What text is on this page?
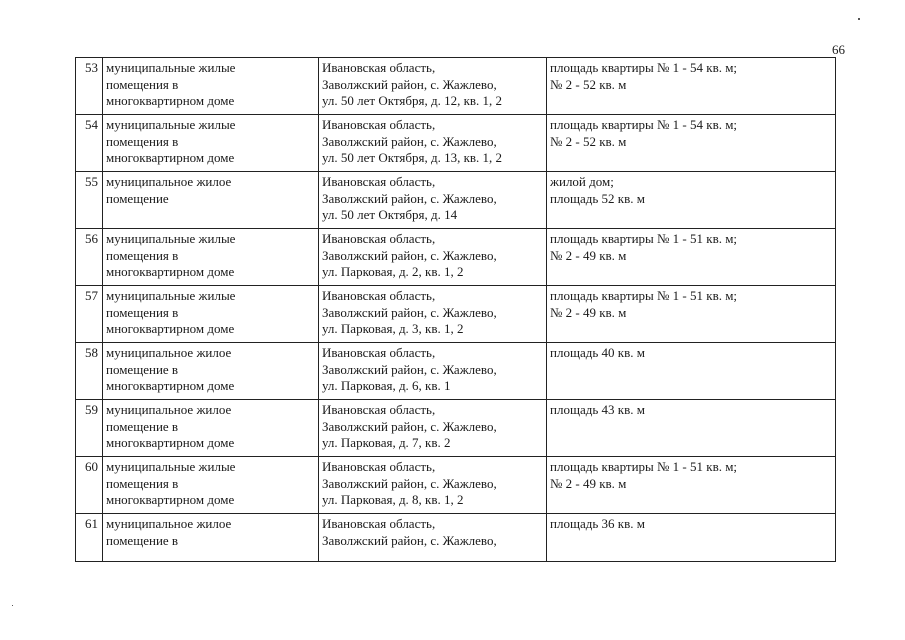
66
53	муниципальные жилые
помещения в
многоквартирном доме	Ивановская область,
Заволжский район, с. Жажлево,
ул. 50 лет Октября, д. 12, кв. 1, 2	площадь квартиры № 1 - 54 кв. м;
№ 2 - 52 кв. м
54	муниципальные жилые
помещения в
многоквартирном доме	Ивановская область,
Заволжский район, с. Жажлево,
ул. 50 лет Октября, д. 13, кв. 1, 2	площадь квартиры № 1 - 54 кв. м;
№ 2 - 52 кв. м
55	муниципальное жилое
помещение	Ивановская область,
Заволжский район, с. Жажлево,
ул. 50 лет Октября, д. 14	жилой дом;
площадь 52 кв. м
56	муниципальные жилые
помещения в
многоквартирном доме	Ивановская область,
Заволжский район, с. Жажлево,
ул. Парковая, д. 2, кв. 1, 2	площадь квартиры № 1 - 51 кв. м;
№ 2 - 49 кв. м
57	муниципальные жилые
помещения в
многоквартирном доме	Ивановская область,
Заволжский район, с. Жажлево,
ул. Парковая, д. 3, кв. 1, 2	площадь квартиры № 1 - 51 кв. м;
№ 2 - 49 кв. м
58	муниципальное жилое
помещение в
многоквартирном доме	Ивановская область,
Заволжский район, с. Жажлево,
ул. Парковая, д. 6, кв. 1	площадь 40 кв. м
59	муниципальное жилое
помещение в
многоквартирном доме	Ивановская область,
Заволжский район, с. Жажлево,
ул. Парковая, д. 7, кв. 2	площадь 43 кв. м
60	муниципальные жилые
помещения в
многоквартирном доме	Ивановская область,
Заволжский район, с. Жажлево,
ул. Парковая, д. 8, кв. 1, 2	площадь квартиры № 1 - 51 кв. м;
№ 2 - 49 кв. м
61	муниципальное жилое
помещение в	Ивановская область,
Заволжский район, с. Жажлево,	площадь 36 кв. м
